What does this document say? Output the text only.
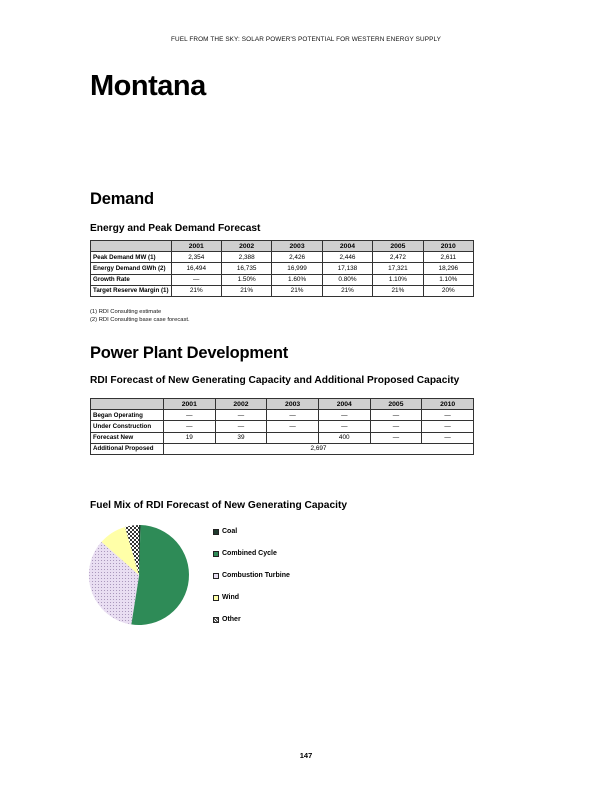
FUEL FROM THE SKY: SOLAR POWER'S POTENTIAL FOR WESTERN ENERGY SUPPLY
Montana
Demand
Energy and Peak Demand Forecast
	2001	2002	2003	2004	2005	2010
Peak Demand MW (1)	2,354	2,388	2,426	2,446	2,472	2,611
Energy Demand GWh (2)	16,494	16,735	16,999	17,138	17,321	18,296
Growth Rate	—	1.50%	1.60%	0.80%	1.10%	1.10%
Target Reserve Margin (1)	21%	21%	21%	21%	21%	20%
(1) RDI Consulting estimate
(2) RDI Consulting base case forecast.
Power Plant Development
RDI Forecast of New Generating Capacity and Additional Proposed Capacity
	2001	2002	2003	2004	2005	2010
Began Operating	—	—	—	—	—	—
Under Construction	—	—	—	—	—	—
Forecast New	19	39		400	—	—
Additional Proposed	2,697					
Fuel Mix of RDI Forecast of New Generating Capacity
Coal
Combined Cycle
Combustion Turbine
Wind
Other
147
